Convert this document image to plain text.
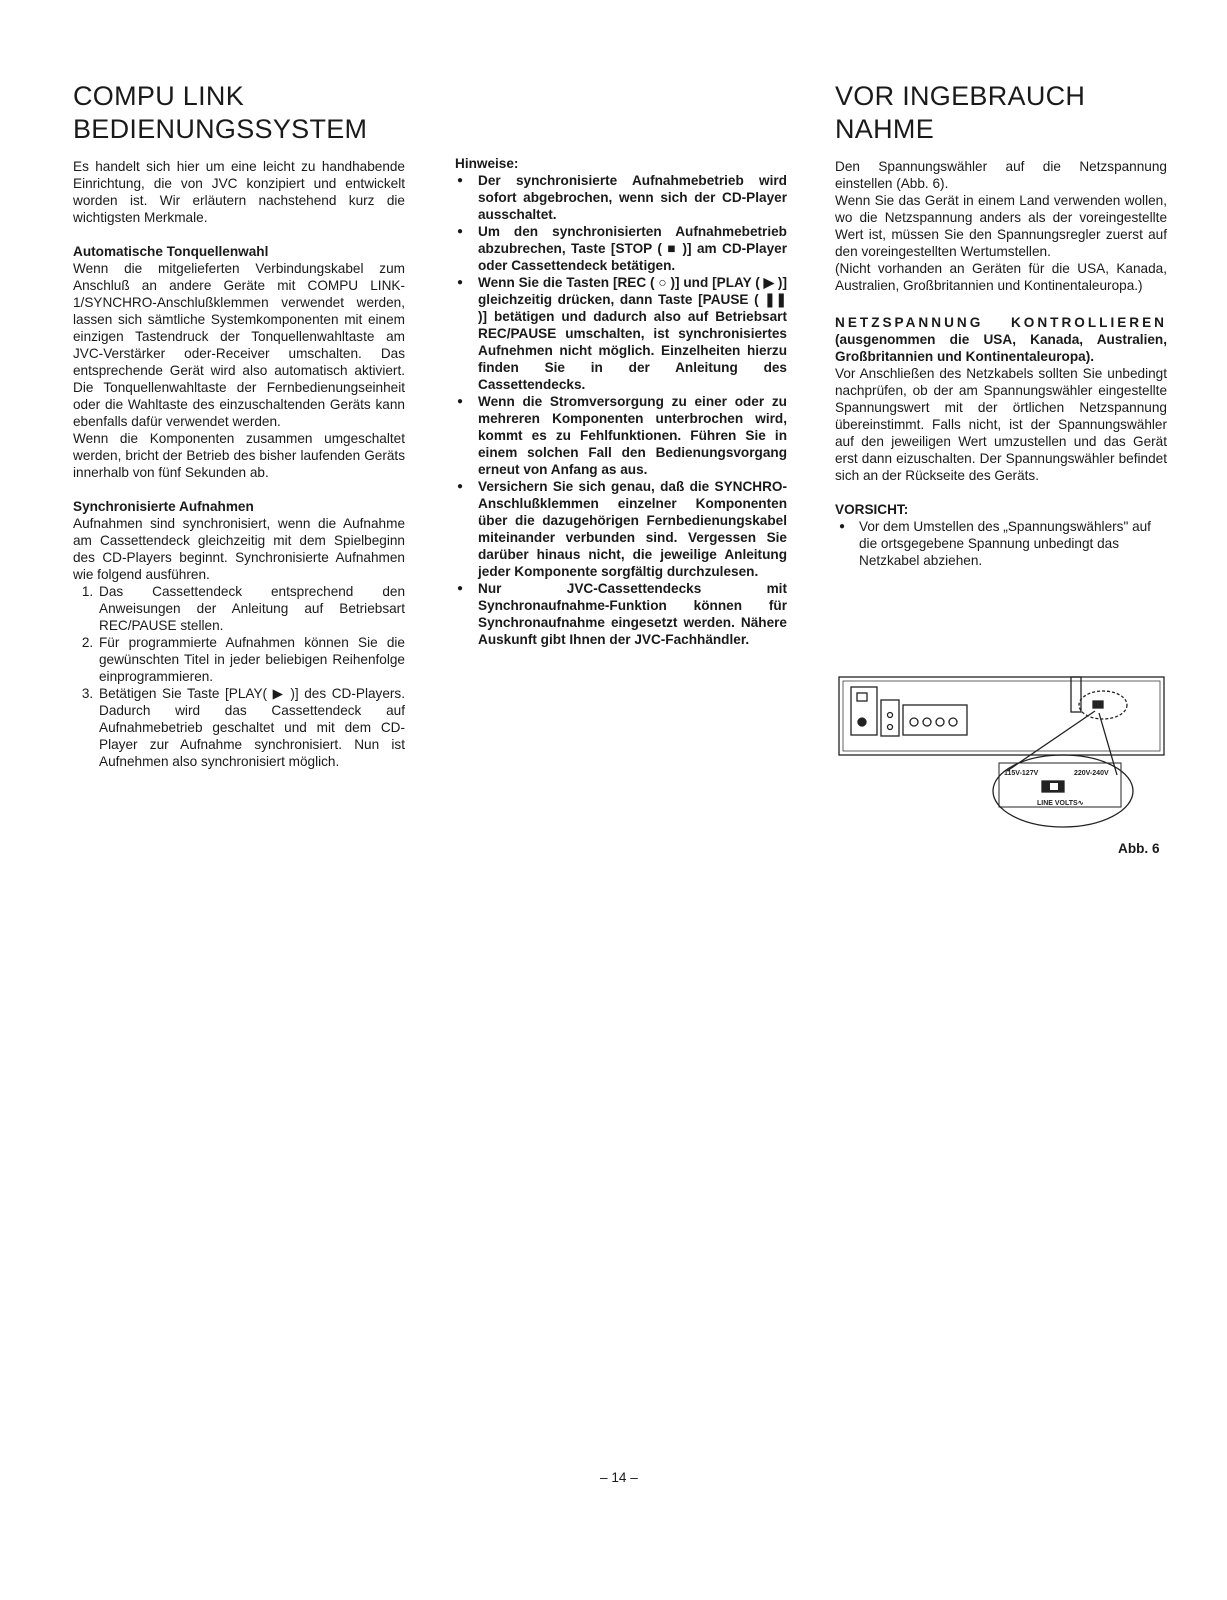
COMPU LINK
BEDIENUNGSSYSTEM

Es handelt sich hier um eine leicht zu handhabende Einrichtung, die von JVC konzipiert und entwickelt worden ist. Wir erläutern nachstehend kurz die wichtigsten Merkmale.

Automatische Tonquellenwahl

Wenn die mitgelieferten Verbindungskabel zum Anschluß an andere Geräte mit COMPU LINK-1/SYNCHRO-Anschlußklemmen verwendet werden, lassen sich sämtliche Systemkomponenten mit einem einzigen Tastendruck der Tonquellenwahltaste am JVC-Verstärker oder-Receiver umschalten. Das entsprechende Gerät wird also automatisch aktiviert. Die Tonquellenwahltaste der Fernbedienungseinheit oder die Wahltaste des einzuschaltenden Geräts kann ebenfalls dafür verwendet werden.

Wenn die Komponenten zusammen umgeschaltet werden, bricht der Betrieb des bisher laufenden Geräts innerhalb von fünf Sekunden ab.

Synchronisierte Aufnahmen

Aufnahmen sind synchronisiert, wenn die Aufnahme am Cassettendeck gleichzeitig mit dem Spielbeginn des CD-Players beginnt. Synchronisierte Aufnahmen wie folgend ausführen.

1. Das Cassettendeck entsprechend den Anweisungen der Anleitung auf Betriebsart REC/PAUSE stellen.
2. Für programmierte Aufnahmen können Sie die gewünschten Titel in jeder beliebigen Reihenfolge einprogrammieren.
3. Betätigen Sie Taste [PLAY( ▶ )] des CD-Players. Dadurch wird das Cassettendeck auf Aufnahmebetrieb geschaltet und mit dem CD-Player zur Aufnahme synchronisiert. Nun ist Aufnehmen also synchronisiert möglich.

Hinweise:

● Der synchronisierte Aufnahmebetrieb wird sofort abgebrochen, wenn sich der CD-Player ausschaltet.
● Um den synchronisierten Aufnahmebetrieb abzubrechen, Taste [STOP ( ■ )] am CD-Player oder Cassettendeck betätigen.
● Wenn Sie die Tasten [REC ( ○ )] und [PLAY ( ▶ )] gleichzeitig drücken, dann Taste [PAUSE ( ❚❚ )] betätigen und dadurch also auf Betriebsart REC/PAUSE umschalten, ist synchronisiertes Aufnehmen nicht möglich. Einzelheiten hierzu finden Sie in der Anleitung des Cassettendecks.
● Wenn die Stromversorgung zu einer oder zu mehreren Komponenten unterbrochen wird, kommt es zu Fehlfunktionen. Führen Sie in einem solchen Fall den Bedienungsvorgang erneut von Anfang as aus.
● Versichern Sie sich genau, daß die SYNCHRO-Anschlußklemmen einzelner Komponenten über die dazugehörigen Fernbedienungskabel miteinander verbunden sind. Vergessen Sie darüber hinaus nicht, die jeweilige Anleitung jeder Komponente sorgfältig durchzulesen.
● Nur JVC-Cassettendecks mit Synchronaufnahme-Funktion können für Synchronaufnahme eingesetzt werden. Nähere Auskunft gibt Ihnen der JVC-Fachhändler.
VOR INGEBRAUCH
NAHME

Den Spannungswähler auf die Netzspannung einstellen (Abb. 6).

Wenn Sie das Gerät in einem Land verwenden wollen, wo die Netzspannung anders als der voreingestellte Wert ist, müssen Sie den Spannungsregler zuerst auf den voreingestellten Wertumstellen.

(Nicht vorhanden an Geräten für die USA, Kanada, Australien, Großbritannien und Kontinentaleuropa.)

NETZSPANNUNG KONTROLLIEREN

(ausgenommen die USA, Kanada, Australien, Großbritannien und Kontinentaleuropa).

Vor Anschließen des Netzkabels sollten Sie unbedingt nachprüfen, ob der am Spannungswähler eingestellte Spannungswert mit der örtlichen Netzspannung übereinstimmt. Falls nicht, ist der Spannungswähler auf den jeweiligen Wert umzustellen und das Gerät erst dann eizuschalten. Der Spannungswähler befindet sich an der Rückseite des Geräts.

VORSICHT:
● Vor dem Umstellen des „Spannungswählers" auf die ortsgegebene Spannung unbedingt das Netzkabel abziehen.
115V-127V	220V-240V
LINE VOLTS∿
Abb. 6
– 14 –
